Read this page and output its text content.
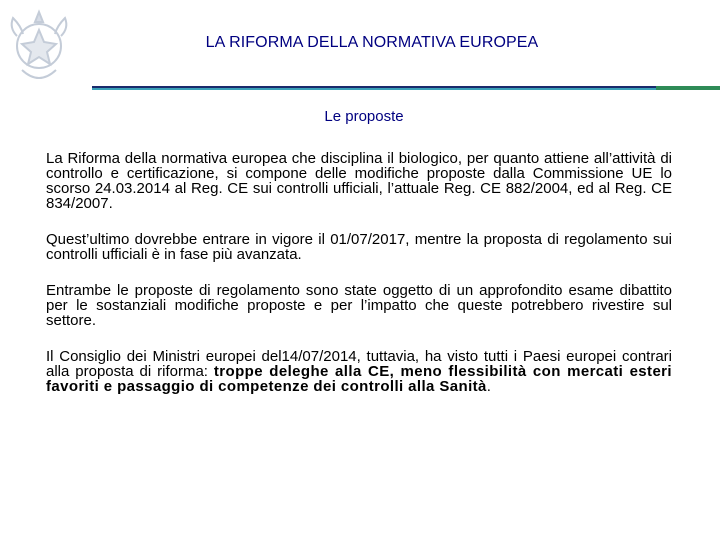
LA RIFORMA DELLA NORMATIVA EUROPEA
Le proposte

La Riforma della normativa europea che disciplina il biologico, per quanto attiene all’attività di controllo e certificazione, si compone delle modifiche proposte dalla Commissione UE lo scorso 24.03.2014 al Reg. CE sui controlli ufficiali, l’attuale Reg. CE 882/2004, ed al Reg. CE 834/2007.

Quest’ultimo dovrebbe entrare in vigore il 01/07/2017, mentre la proposta di regolamento sui controlli ufficiali è in fase più avanzata.

Entrambe le proposte di regolamento sono state oggetto di un approfondito esame dibattito per le sostanziali modifiche proposte e per l’impatto che queste potrebbero rivestire sul settore.

Il Consiglio dei Ministri europei del14/07/2014, tuttavia, ha visto tutti i Paesi europei contrari alla proposta di riforma: troppe deleghe alla CE, meno flessibilità con mercati esteri favoriti e passaggio di competenze dei controlli alla Sanità.
